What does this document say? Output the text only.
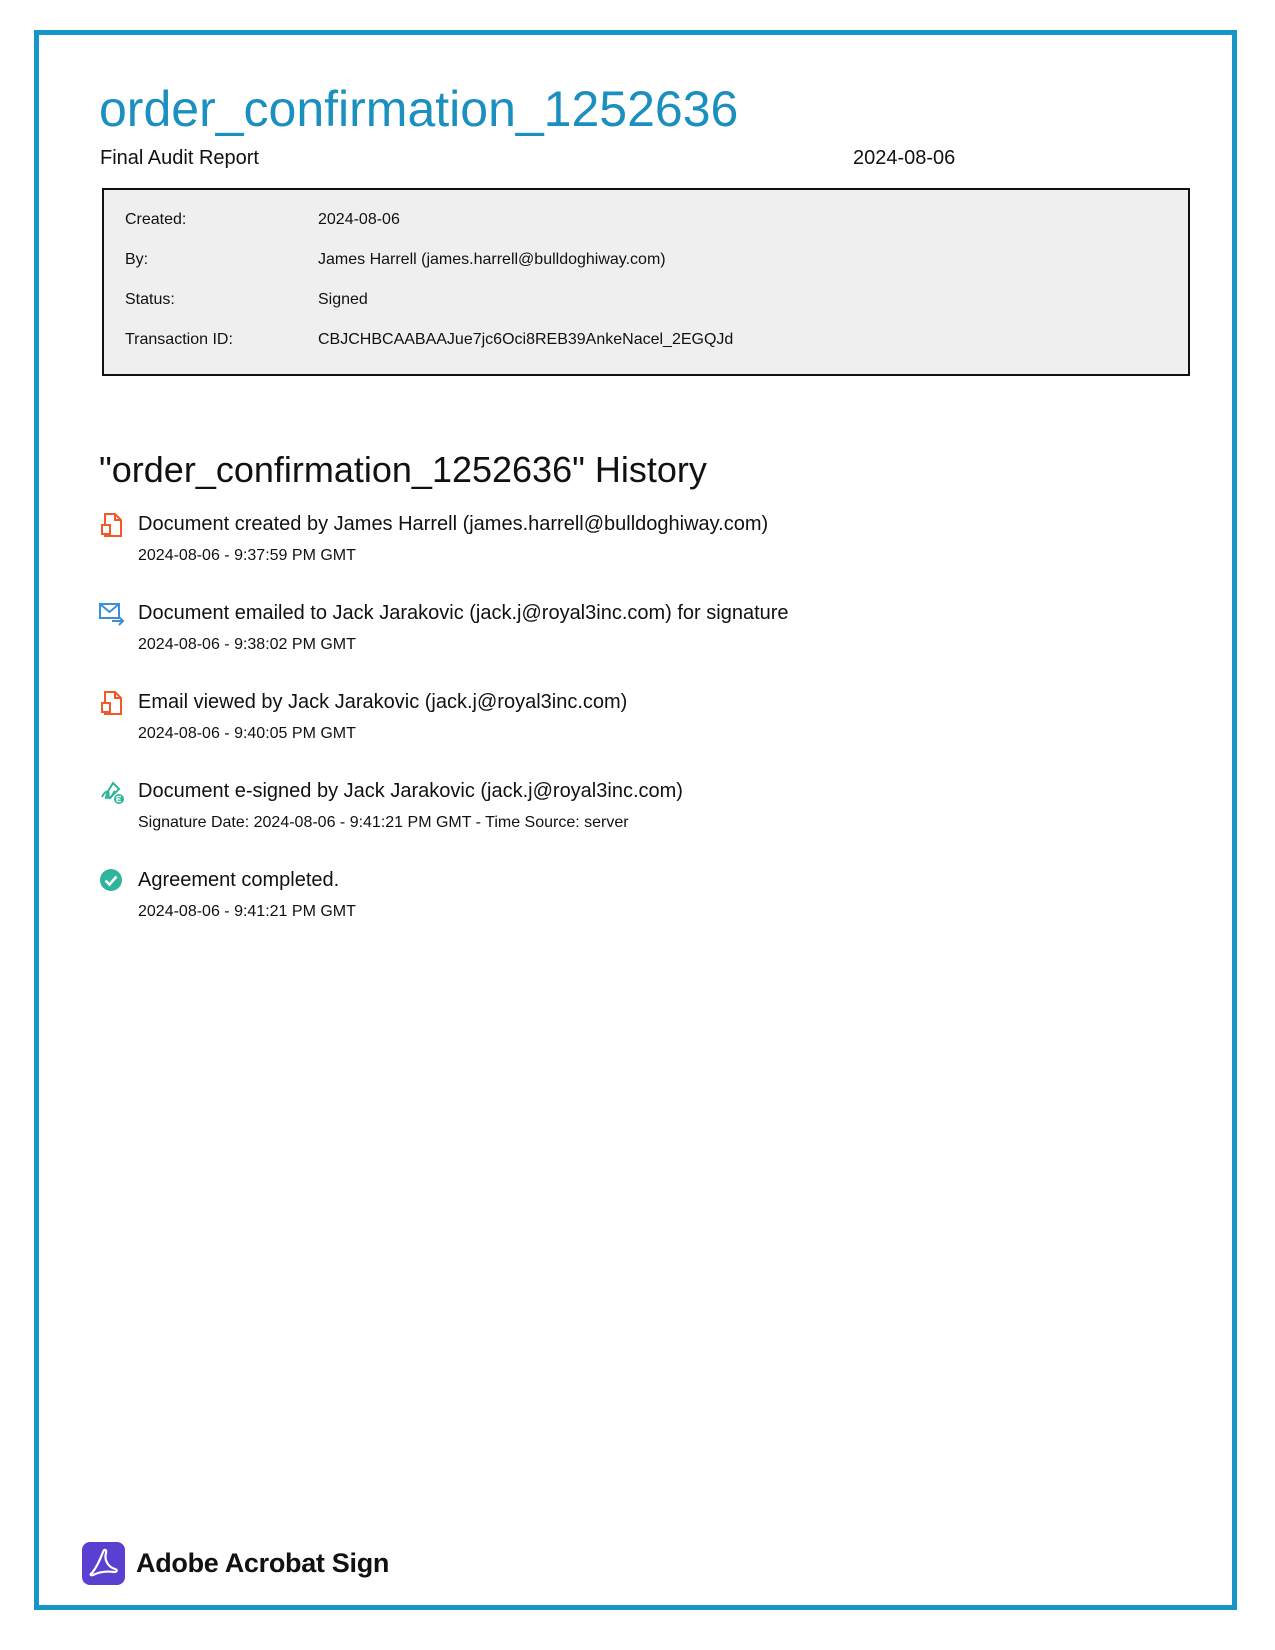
order_confirmation_1252636
Final Audit Report	2024-08-06
Created:	2024-08-06
By:	James Harrell (james.harrell@bulldoghiway.com)
Status:	Signed
Transaction ID:	CBJCHBCAABAAJue7jc6Oci8REB39AnkeNacel_2EGQJd
"order_confirmation_1252636" History
Document created by James Harrell (james.harrell@bulldoghiway.com)
2024-08-06 - 9:37:59 PM GMT
Document emailed to Jack Jarakovic (jack.j@royal3inc.com) for signature
2024-08-06 - 9:38:02 PM GMT
Email viewed by Jack Jarakovic (jack.j@royal3inc.com)
2024-08-06 - 9:40:05 PM GMT
Document e-signed by Jack Jarakovic (jack.j@royal3inc.com)
Signature Date: 2024-08-06 - 9:41:21 PM GMT - Time Source: server
Agreement completed.
2024-08-06 - 9:41:21 PM GMT
Adobe Acrobat Sign
